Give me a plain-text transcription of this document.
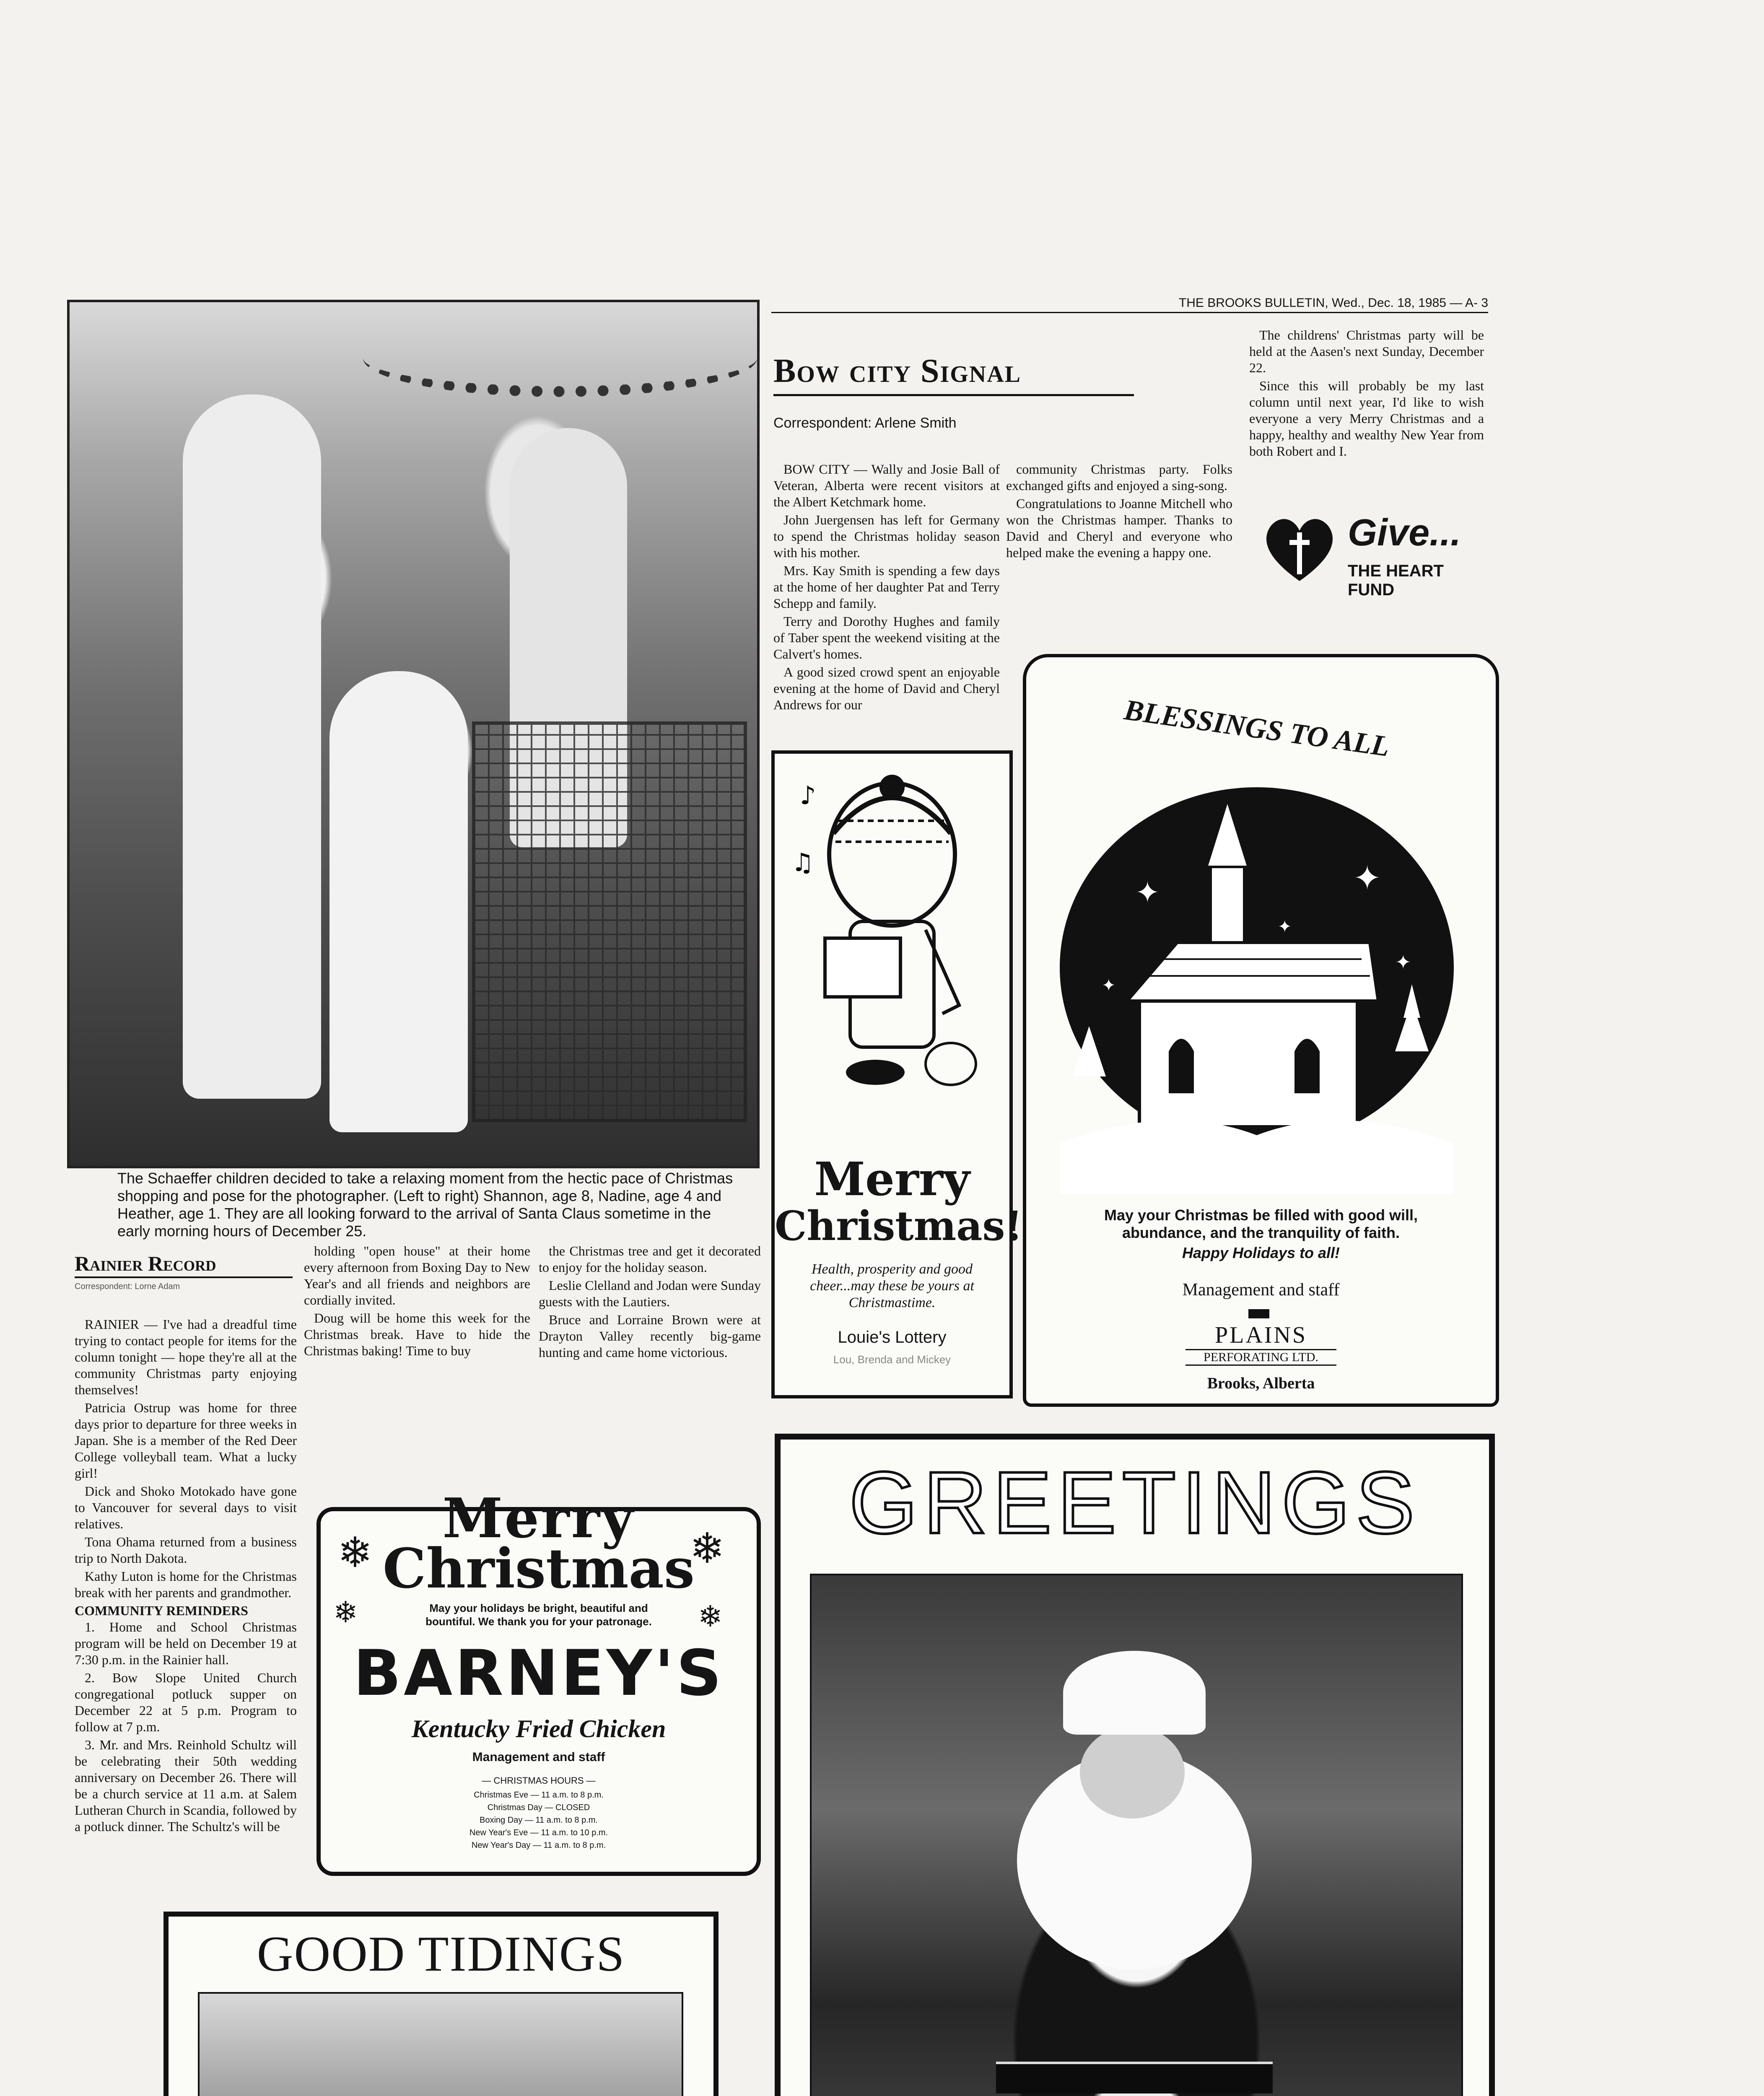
THE BROOKS BULLETIN, Wed., Dec. 18, 1985 — A- 3
The Schaeffer children decided to take a relaxing moment from the hectic pace of Christmas shopping and pose for the photographer. (Left to right) Shannon, age 8, Nadine, age 4 and Heather, age 1. They are all looking forward to the arrival of Santa Claus sometime in the early morning hours of December 25.
Bow city Signal
Correspondent: Arlene Smith

BOW CITY — Wally and Josie Ball of Veteran, Alberta were recent visitors at the Albert Ketchmark home.

John Juergensen has left for Germany to spend the Christmas holiday season with his mother.

Mrs. Kay Smith is spending a few days at the home of her daughter Pat and Terry Schepp and family.

Terry and Dorothy Hughes and family of Taber spent the weekend visiting at the Calvert's homes.

A good sized crowd spent an enjoyable evening at the home of David and Cheryl Andrews for our

community Christmas party. Folks exchanged gifts and enjoyed a sing-song.

Congratulations to Joanne Mitchell who won the Christmas hamper. Thanks to David and Cheryl and everyone who helped make the evening a happy one.

The childrens' Christmas party will be held at the Aasen's next Sunday, December 22.

Since this will probably be my last column until next year, I'd like to wish everyone a very Merry Christmas and a happy, healthy and wealthy New Year from both Robert and I.

Give...
THE HEART FUND
♪
♫
Merry
Christmas!
Health, prosperity and good cheer...may these be yours at Christmastime.
Louie's Lottery
Lou, Brenda and Mickey
BLESSINGS TO ALL
✦	✦
✦
✦
✦
May your Christmas be filled with good will, abundance, and the tranquility of faith.
Happy Holidays to all!
Management and staff
PLAINS
PERFORATING LTD.
Brooks, Alberta
Rainier Record
Correspondent: Lorne Adam

RAINIER — I've had a dreadful time trying to contact people for items for the column tonight — hope they're all at the community Christmas party enjoying themselves!

Patricia Ostrup was home for three days prior to departure for three weeks in Japan. She is a member of the Red Deer College volleyball team. What a lucky girl!

Dick and Shoko Motokado have gone to Vancouver for several days to visit relatives.

Tona Ohama returned from a business trip to North Dakota.

Kathy Luton is home for the Christmas break with her parents and grandmother.

COMMUNITY REMINDERS

1. Home and School Christmas program will be held on December 19 at 7:30 p.m. in the Rainier hall.

2. Bow Slope United Church congregational potluck supper on December 22 at 5 p.m. Program to follow at 7 p.m.

3. Mr. and Mrs. Reinhold Schultz will be celebrating their 50th wedding anniversary on December 26. There will be a church service at 11 a.m. at Salem Lutheran Church in Scandia, followed by a potluck dinner. The Schultz's will be

holding "open house" at their home every afternoon from Boxing Day to New Year's and all friends and neighbors are cordially invited.

Doug will be home this week for the Christmas break. Have to hide the Christmas baking! Time to buy

the Christmas tree and get it decorated to enjoy for the holiday season.

Leslie Clelland and Jodan were Sunday guests with the Lautiers.

Bruce and Lorraine Brown were at Drayton Valley recently big-game hunting and came home victorious.

Merry
Christmas
❄	❄
❄	❄
May your holidays be bright, beautiful and bountiful. We thank you for your patronage.
BARNEY'S
Kentucky Fried Chicken
Management and staff
— CHRISTMAS HOURS —
Christmas Eve — 11 a.m. to 8 p.m.
Christmas Day — CLOSED
Boxing Day — 11 a.m. to 8 p.m.
New Year's Eve — 11 a.m. to 10 p.m.
New Year's Day — 11 a.m. to 8 p.m.
GOOD TIDINGS
GREETINGS
